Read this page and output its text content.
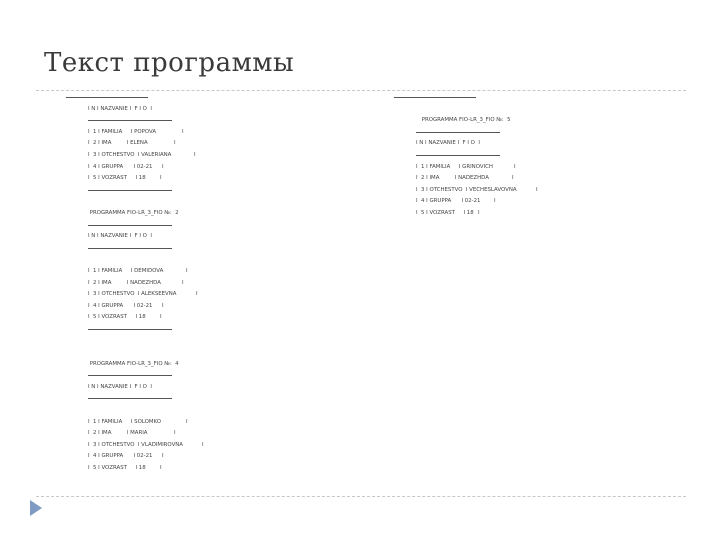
Текст программы
I N I NAZVANIE I  F I O  I
I  1 I FAMILIA     I POPOVA	I
I  2 I IMA         I ELENA	I
I  3 I OTCHESTVO  I VALERIANA	I
I  4 I GRUPPA      I 02-21 I
I  5 I VOZRAST     I 18	I
PROGRAMMA FIO-LR_3_FIO №:  2
I N I NAZVANIE I  F I O  I
I  1 I FAMILIA     I DEMIDOVA	I
I  2 I IMA         I NADEZHDA	I
I  3 I OTCHESTVO  I ALEKSEEVNA	I
I  4 I GRUPPA      I 02-21 I
I  5 I VOZRAST     I 18	I
PROGRAMMA FIO-LR_3_FIO №:  4
I N I NAZVANIE I  F I O  I
I  1 I FAMILIA     I SOLOMKO	I
I  2 I IMA         I MARIA	I
I  3 I OTCHESTVO  I VLADIMIROVNA	I
I  4 I GRUPPA      I 02-21 I
I  5 I VOZRAST     I 18	I
PROGRAMMA FIO-LR_3_FIO №:  5
I N I NAZVANIE I  F I O  I
I  1 I FAMILIA     I GRINOVICH	I
I  2 I IMA         I NADEZHDA	I
I  3 I OTCHESTVO  I VECHESLAVOVNA	I
I  4 I GRUPPA      I 02-21	I
I  5 I VOZRAST     I 18 I
